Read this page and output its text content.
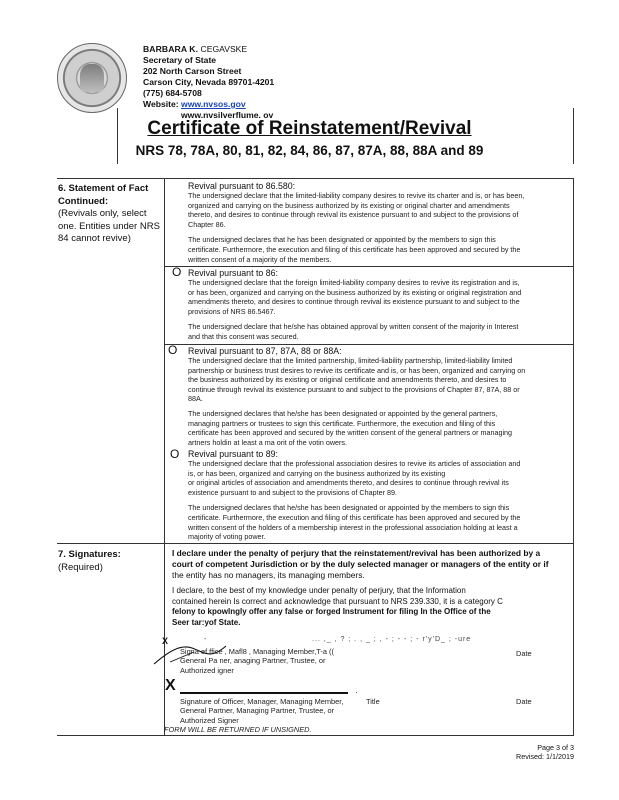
BARBARA K. CEGAVSKE
Secretary of State
202 North Carson Street
Carson City, Nevada 89701-4201
(775) 684-5708
Website: www.nvsos.gov
www.nvsilverflume. ov
Certificate of Reinstatement/Revival
NRS 78, 78A, 80, 81, 82, 84, 86, 87, 87A, 88, 88A and 89
6. Statement of Fact Continued:
(Revivals only, select one. Entities under NRS 84 cannot revive)
Revival pursuant to 86.580:
The undersigned declare that the limited-liability company desires to revive its charter and is, or has been,
organized and carrying on the business authorized by its existing or original charter and amendments
thereto, and desires to continue through revival its existence pursuant to and subject to the provisions of
Chapter 86.
The undersigned declares that he has been designated or appointed by the members to sign this
certificate. Furthermore, the execution and filing of this certificate has been approved and secured by the
written consent of a majority of the members.
O Revival pursuant to 86:
The undersigned declare that the foreign limited-liability company desires to revive its registration and is,
or has been, organized and carrying on the business authorized by its existing or original registration and
amendments thereto, and desires to continue through revival its existence pursuant to and subject to the
provisions of NRS 86.5467.
The undersigned declare that he/she has obtained approval by written consent of the majority in Interest
and that this consent was secured.
O Revival pursuant to 87, 87A, 88 or 88A:
The undersigned declare that the limited partnership, limited-liability partnership, limited-liability limited
partnership or business trust desires to revive its certificate and is, or has been, organized and carrying on
the business authorized by its existing or original certificate and amendments thereto, and desires to
continue through revival its existence pursuant to and subject to the provisions of Chapter 87, 87A, 88 or
88A.
The undersigned declares that he/she has been designated or appointed by the general partners,
managing partners or trustees to sign this certificate. Furthermore, the execution and filing of this
certificate has been approved and secured by the written consent of the general partners or managing
artners holdin at least a ma orit of the votin owers.
O Revival pursuant to 89:
The undersigned declare that the professional association desires to revive its articles of association and
is, or has been, organized and carrying on the business authorized by its existing
or original articles of association and amendments thereto, and desires to continue through revival its
existence pursuant to and subject to the provisions of Chapter 89.
The undersigned declares that he/she has been designated or appointed by the members to sign this
certificate. Furthermore, the execution and filing of this certificate has been approved and secured by the
written consent of the holders of a membership interest in the professional association holding at least a
majority of voting power.
7. Signatures:
(Required)
I declare under the penalty of perjury that the reinstatement/revival has been authorized by a
court of competent Jurisdiction or by the duly selected manager or managers of the entity or if
the entity has no managers, its managing members.
I declare, to the best of my knowledge under penalty of perjury, that the Information
contained herein Is correct and acknowledge that pursuant to NRS 239.330, it is a category C
felony to kpowlngly offer any false or forged Instrument for filing In the Office of the
Seer tar:yof State.
X	-	... ,_ , ? ; . , _ ; , - ; - - ; - r'y'D_ ; -ure
Signa ef ffice , Mafl8 , Managing Member,T-a ((
General Pa ner, anaging Partner, Trustee, or
Authorized igner
Date
X	·
Signature of Officer, Manager, Managing Member,
General Partner, Managing Partner, Trustee, or
Authorized Signer
Title	Date
FORM WILL BE RETURNED IF UNSIGNED.
Page 3 of 3
Revised: 1/1/2019
